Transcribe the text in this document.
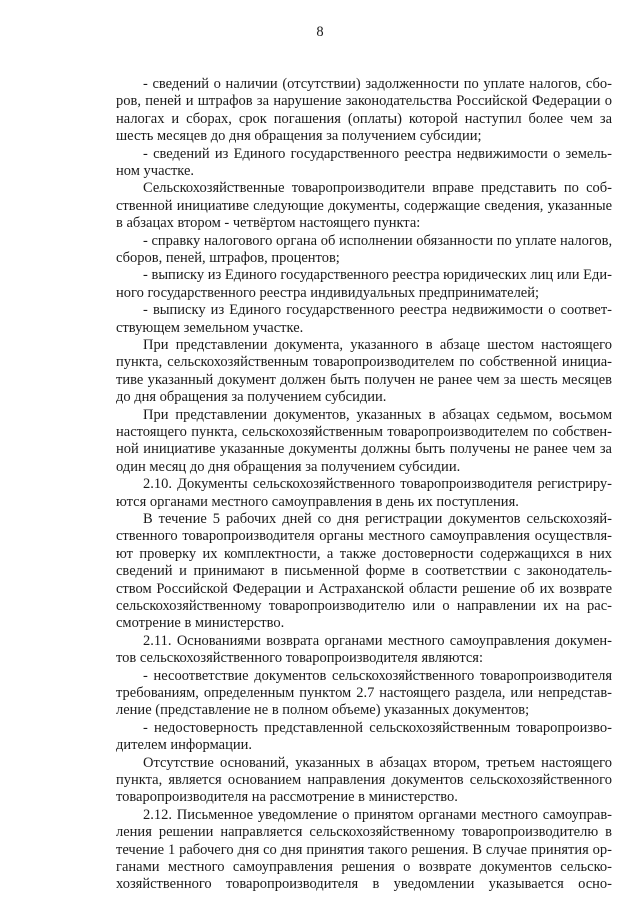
8
- сведений о наличии (отсутствии) задолженности по уплате налогов, сбо-
ров, пеней и штрафов за нарушение законодательства Российской Федерации о
налогах и сборах, срок погашения (оплаты) которой наступил более чем за
шесть месяцев до дня обращения за получением субсидии;
- сведений из Единого государственного реестра недвижимости о земель-
ном участке.
Сельскохозяйственные товаропроизводители вправе представить по соб-
ственной инициативе следующие документы, содержащие сведения, указанные
в абзацах втором - четвёртом настоящего пункта:
- справку налогового органа об исполнении обязанности по уплате налогов,
сборов, пеней, штрафов, процентов;
- выписку из Единого государственного реестра юридических лиц или Еди-
ного государственного реестра индивидуальных предпринимателей;
- выписку из Единого государственного реестра недвижимости о соответ-
ствующем земельном участке.
При представлении документа, указанного в абзаце шестом настоящего
пункта, сельскохозяйственным товаропроизводителем по собственной инициа-
тиве указанный документ должен быть получен не ранее чем за шесть месяцев
до дня обращения за получением субсидии.
При представлении документов, указанных в абзацах седьмом, восьмом
настоящего пункта, сельскохозяйственным товаропроизводителем по собствен-
ной инициативе указанные документы должны быть получены не ранее чем за
один месяц до дня обращения за получением субсидии.
2.10. Документы сельскохозяйственного товаропроизводителя регистриру-
ются органами местного самоуправления в день их поступления.
В течение 5 рабочих дней со дня регистрации документов сельскохозяй-
ственного товаропроизводителя органы местного самоуправления осуществля-
ют проверку их комплектности, а также достоверности содержащихся в них
сведений и принимают в письменной форме в соответствии с законодатель-
ством Российской Федерации и Астраханской области решение об их возврате
сельскохозяйственному товаропроизводителю или о направлении их на рас-
смотрение в министерство.
2.11. Основаниями возврата органами местного самоуправления докумен-
тов сельскохозяйственного товаропроизводителя являются:
- несоответствие документов сельскохозяйственного товаропроизводителя
требованиям, определенным пунктом 2.7 настоящего раздела, или непредстав-
ление (представление не в полном объеме) указанных документов;
- недостоверность представленной сельскохозяйственным товаропроизво-
дителем информации.
Отсутствие оснований, указанных в абзацах втором, третьем настоящего
пункта, является основанием направления документов сельскохозяйственного
товаропроизводителя на рассмотрение в министерство.
2.12. Письменное уведомление о принятом органами местного самоуправ-
ления решении направляется сельскохозяйственному товаропроизводителю в
течение 1 рабочего дня со дня принятия такого решения. В случае принятия ор-
ганами местного самоуправления решения о возврате документов сельско-
хозяйственного товаропроизводителя в уведомлении указывается осно-
